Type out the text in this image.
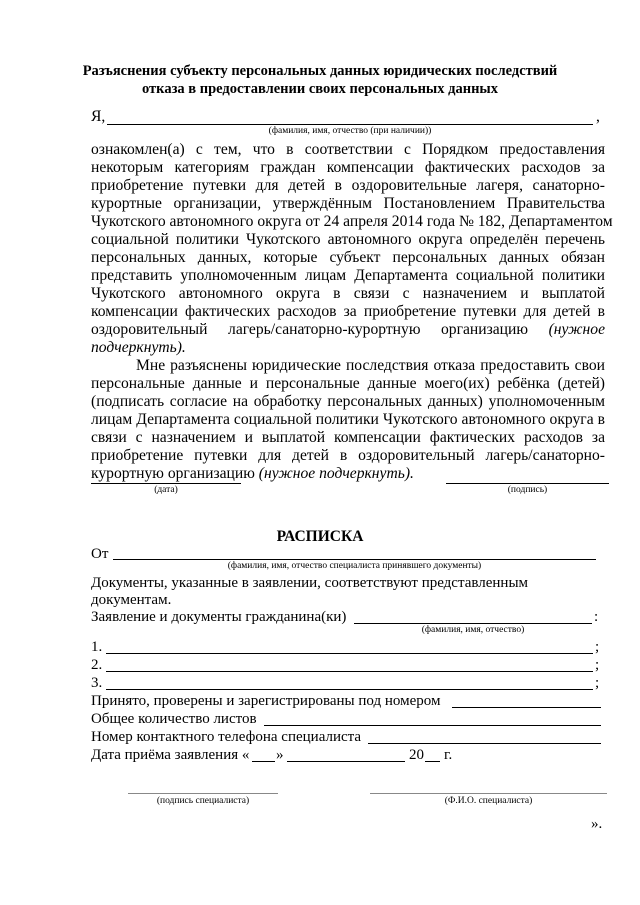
Разъяснения субъекту персональных данных юридических последствий
отказа в предоставлении своих персональных данных
Я,	,
(фамилия, имя, отчество (при наличии))
ознакомлен(а) с тем, что в соответствии с Порядком предоставления
некоторым категориям граждан компенсации фактических расходов за
приобретение путевки для детей в оздоровительные лагеря, санаторно-
курортные организации, утверждённым Постановлением Правительства
Чукотского автономного округа от 24 апреля 2014 года № 182, Департаментом
социальной политики Чукотского автономного округа определён перечень
персональных данных, которые субъект персональных данных обязан
представить уполномоченным лицам Департамента социальной политики
Чукотского автономного округа в связи с назначением и выплатой
компенсации фактических расходов за приобретение путевки для детей в
оздоровительный лагерь/санаторно-курортную организацию (нужное
подчеркнуть).
Мне разъяснены юридические последствия отказа предоставить свои
персональные данные и персональные данные моего(их) ребёнка (детей)
(подписать согласие на обработку персональных данных) уполномоченным
лицам Департамента социальной политики Чукотского автономного округа в
связи с назначением и выплатой компенсации фактических расходов за
приобретение путевки для детей в оздоровительный лагерь/санаторно-
курортную организацию (нужное подчеркнуть).
(дата)	(подпись)
РАСПИСКА
От
(фамилия, имя, отчество специалиста принявшего документы)
Документы, указанные в заявлении, соответствуют представленным
документам.
Заявление и документы гражданина(ки)	:
(фамилия, имя, отчество)
1.	;
2.	;
3.	;
Принято, проверены и зарегистрированы под номером
Общее количество листов
Номер контактного телефона специалиста
Дата приёма заявления « »	20 г.
(подпись специалиста)	(Ф.И.О. специалиста)
».
